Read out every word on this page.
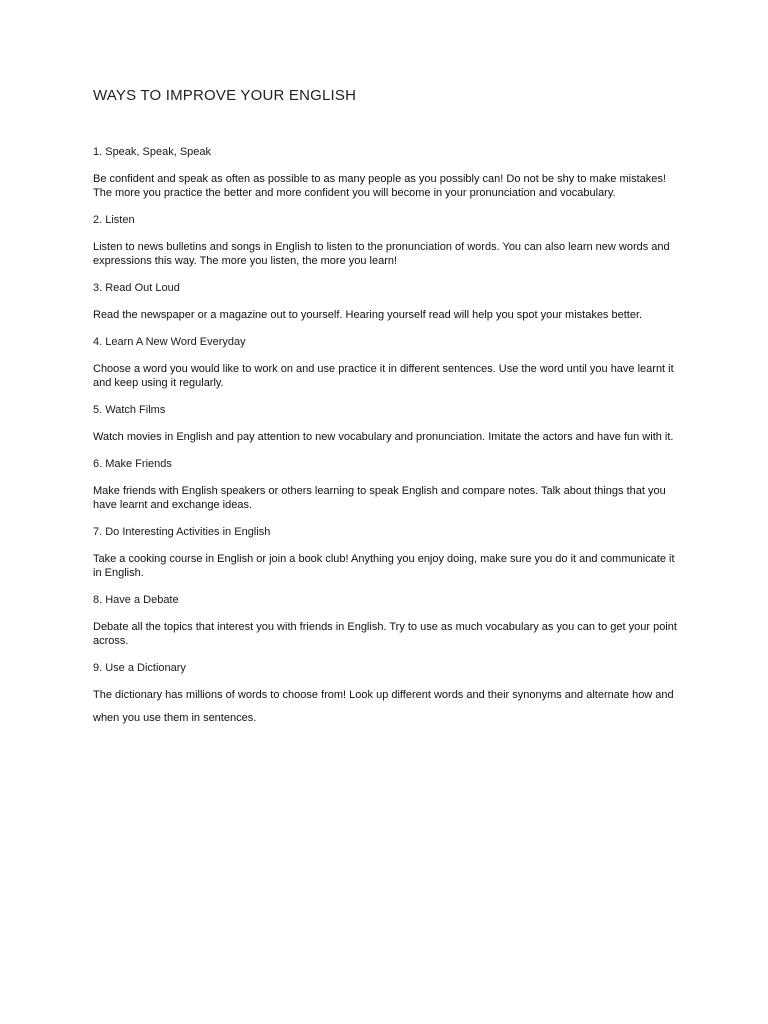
WAYS TO IMPROVE YOUR ENGLISH

1. Speak, Speak, Speak

Be confident and speak as often as possible to as many people as you possibly can! Do not be shy to make mistakes! The more you practice the better and more confident you will become in your pronunciation and vocabulary.

2. Listen

Listen to news bulletins and songs in English to listen to the pronunciation of words. You can also learn new words and expressions this way. The more you listen, the more you learn!

3. Read Out Loud

Read the newspaper or a magazine out to yourself. Hearing yourself read will help you spot your mistakes better.

4. Learn A New Word Everyday

Choose a word you would like to work on and use practice it in different sentences. Use the word until you have learnt it and keep using it regularly.

5. Watch Films

Watch movies in English and pay attention to new vocabulary and pronunciation. Imitate the actors and have fun with it.

6. Make Friends

Make friends with English speakers or others learning to speak English and compare notes. Talk about things that you have learnt and exchange ideas.

7. Do Interesting Activities in English

Take a cooking course in English or join a book club! Anything you enjoy doing, make sure you do it and communicate it in English.

8. Have a Debate

Debate all the topics that interest you with friends in English. Try to use as much vocabulary as you can to get your point across.

9. Use a Dictionary

The dictionary has millions of words to choose from! Look up different words and their synonyms and alternate how and when you use them in sentences.
